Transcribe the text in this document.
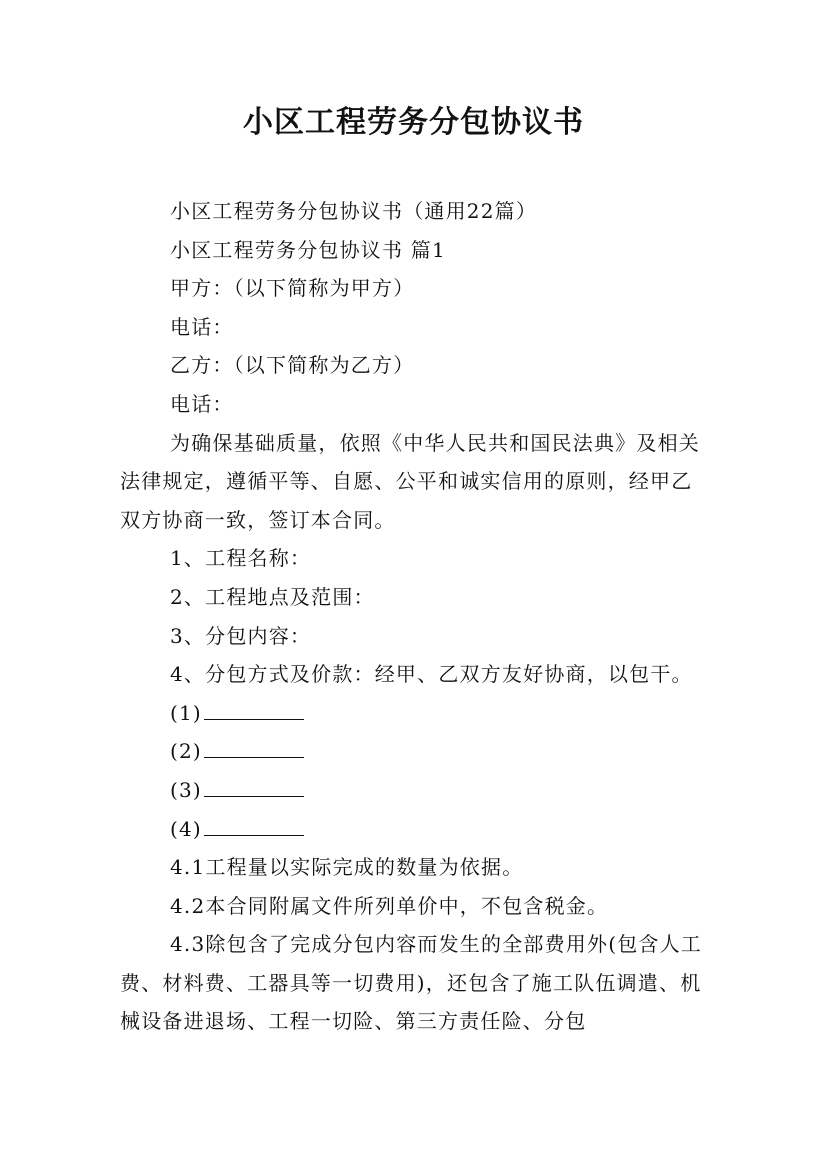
小区工程劳务分包协议书

小区工程劳务分包协议书（通用22篇）

小区工程劳务分包协议书 篇1

甲方：（以下简称为甲方）

电话：

乙方：（以下简称为乙方）

电话：

为确保基础质量，依照《中华人民共和国民法典》及相关法律规定，遵循平等、自愿、公平和诚实信用的原则，经甲乙双方协商一致，签订本合同。

1、工程名称：

2、工程地点及范围：

3、分包内容：

4、分包方式及价款：经甲、乙双方友好协商，以包干。

(1)

(2)

(3)

(4)

4.1工程量以实际完成的数量为依据。

4.2本合同附属文件所列单价中，不包含税金。

4.3除包含了完成分包内容而发生的全部费用外(包含人工费、材料费、工器具等一切费用)，还包含了施工队伍调遣、机械设备进退场、工程一切险、第三方责任险、分包
